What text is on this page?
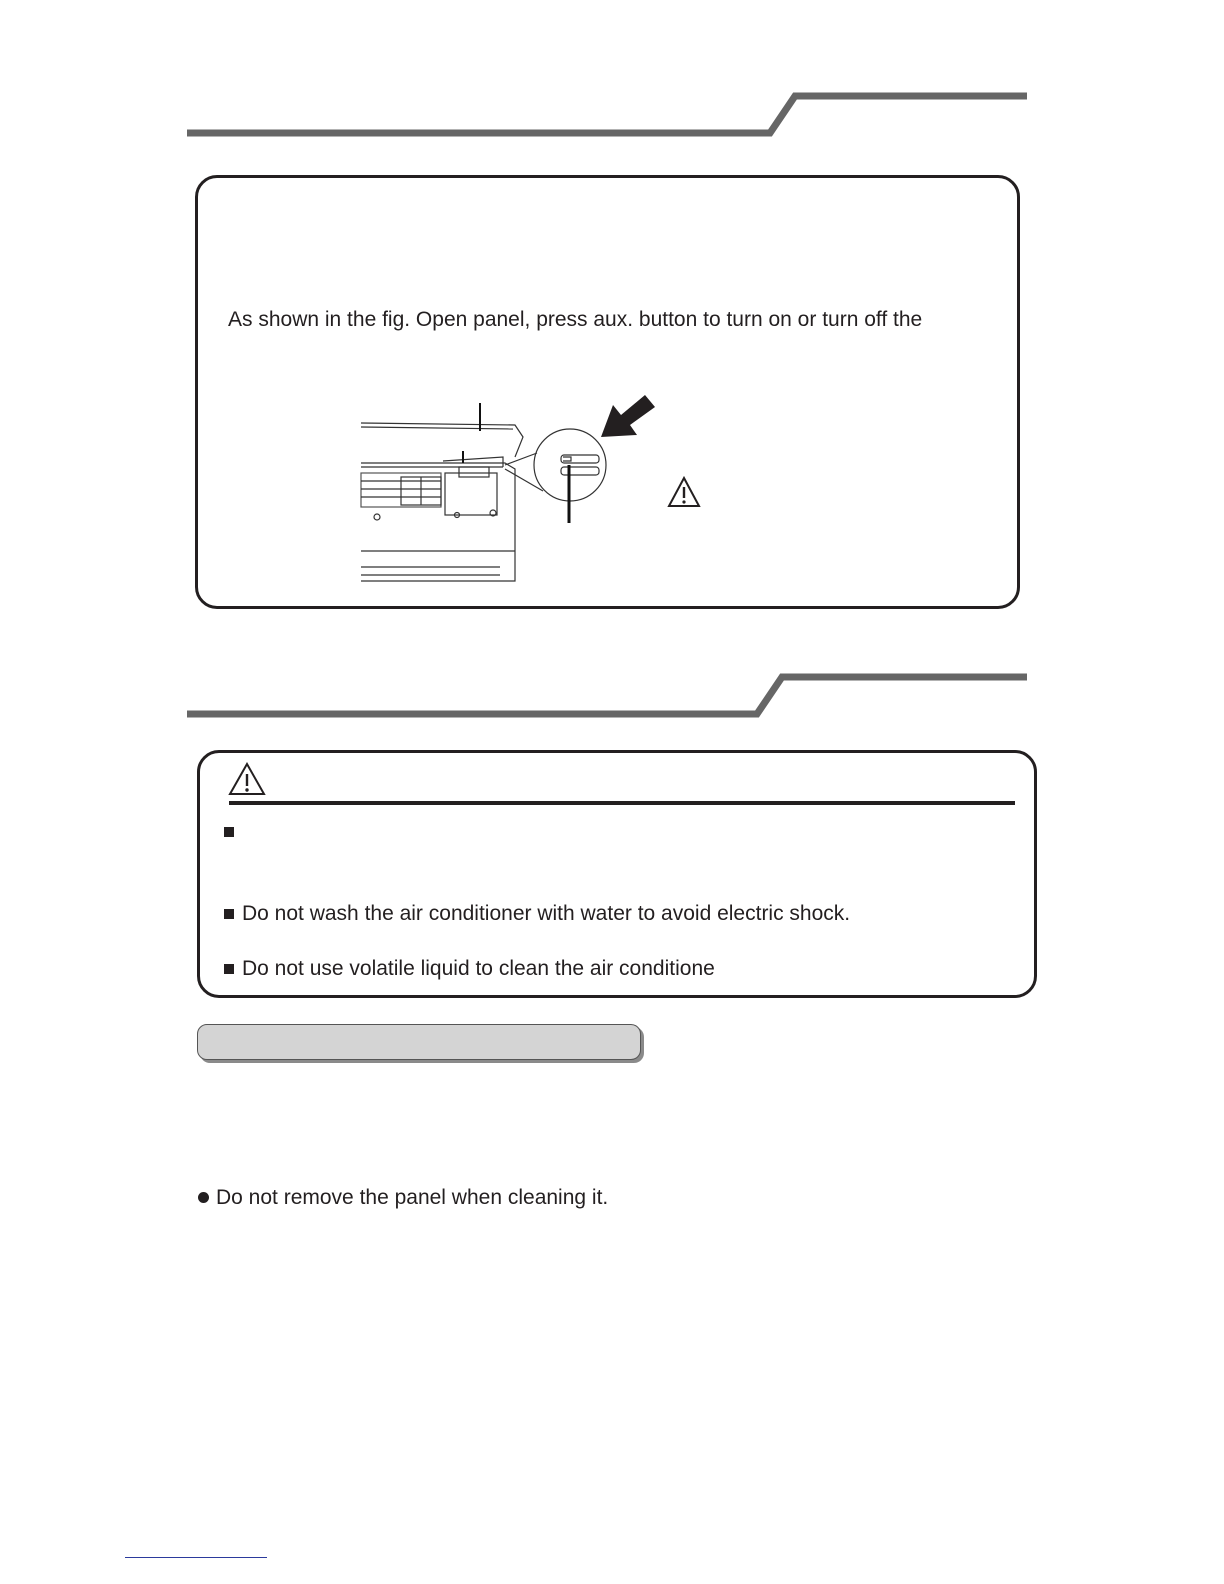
As shown in the fig. Open panel, press aux. button to turn on or turn off the
Do not wash the air conditioner with water to avoid electric shock.
Do not use volatile liquid to clean the air conditione
Do not remove the panel when cleaning it.
